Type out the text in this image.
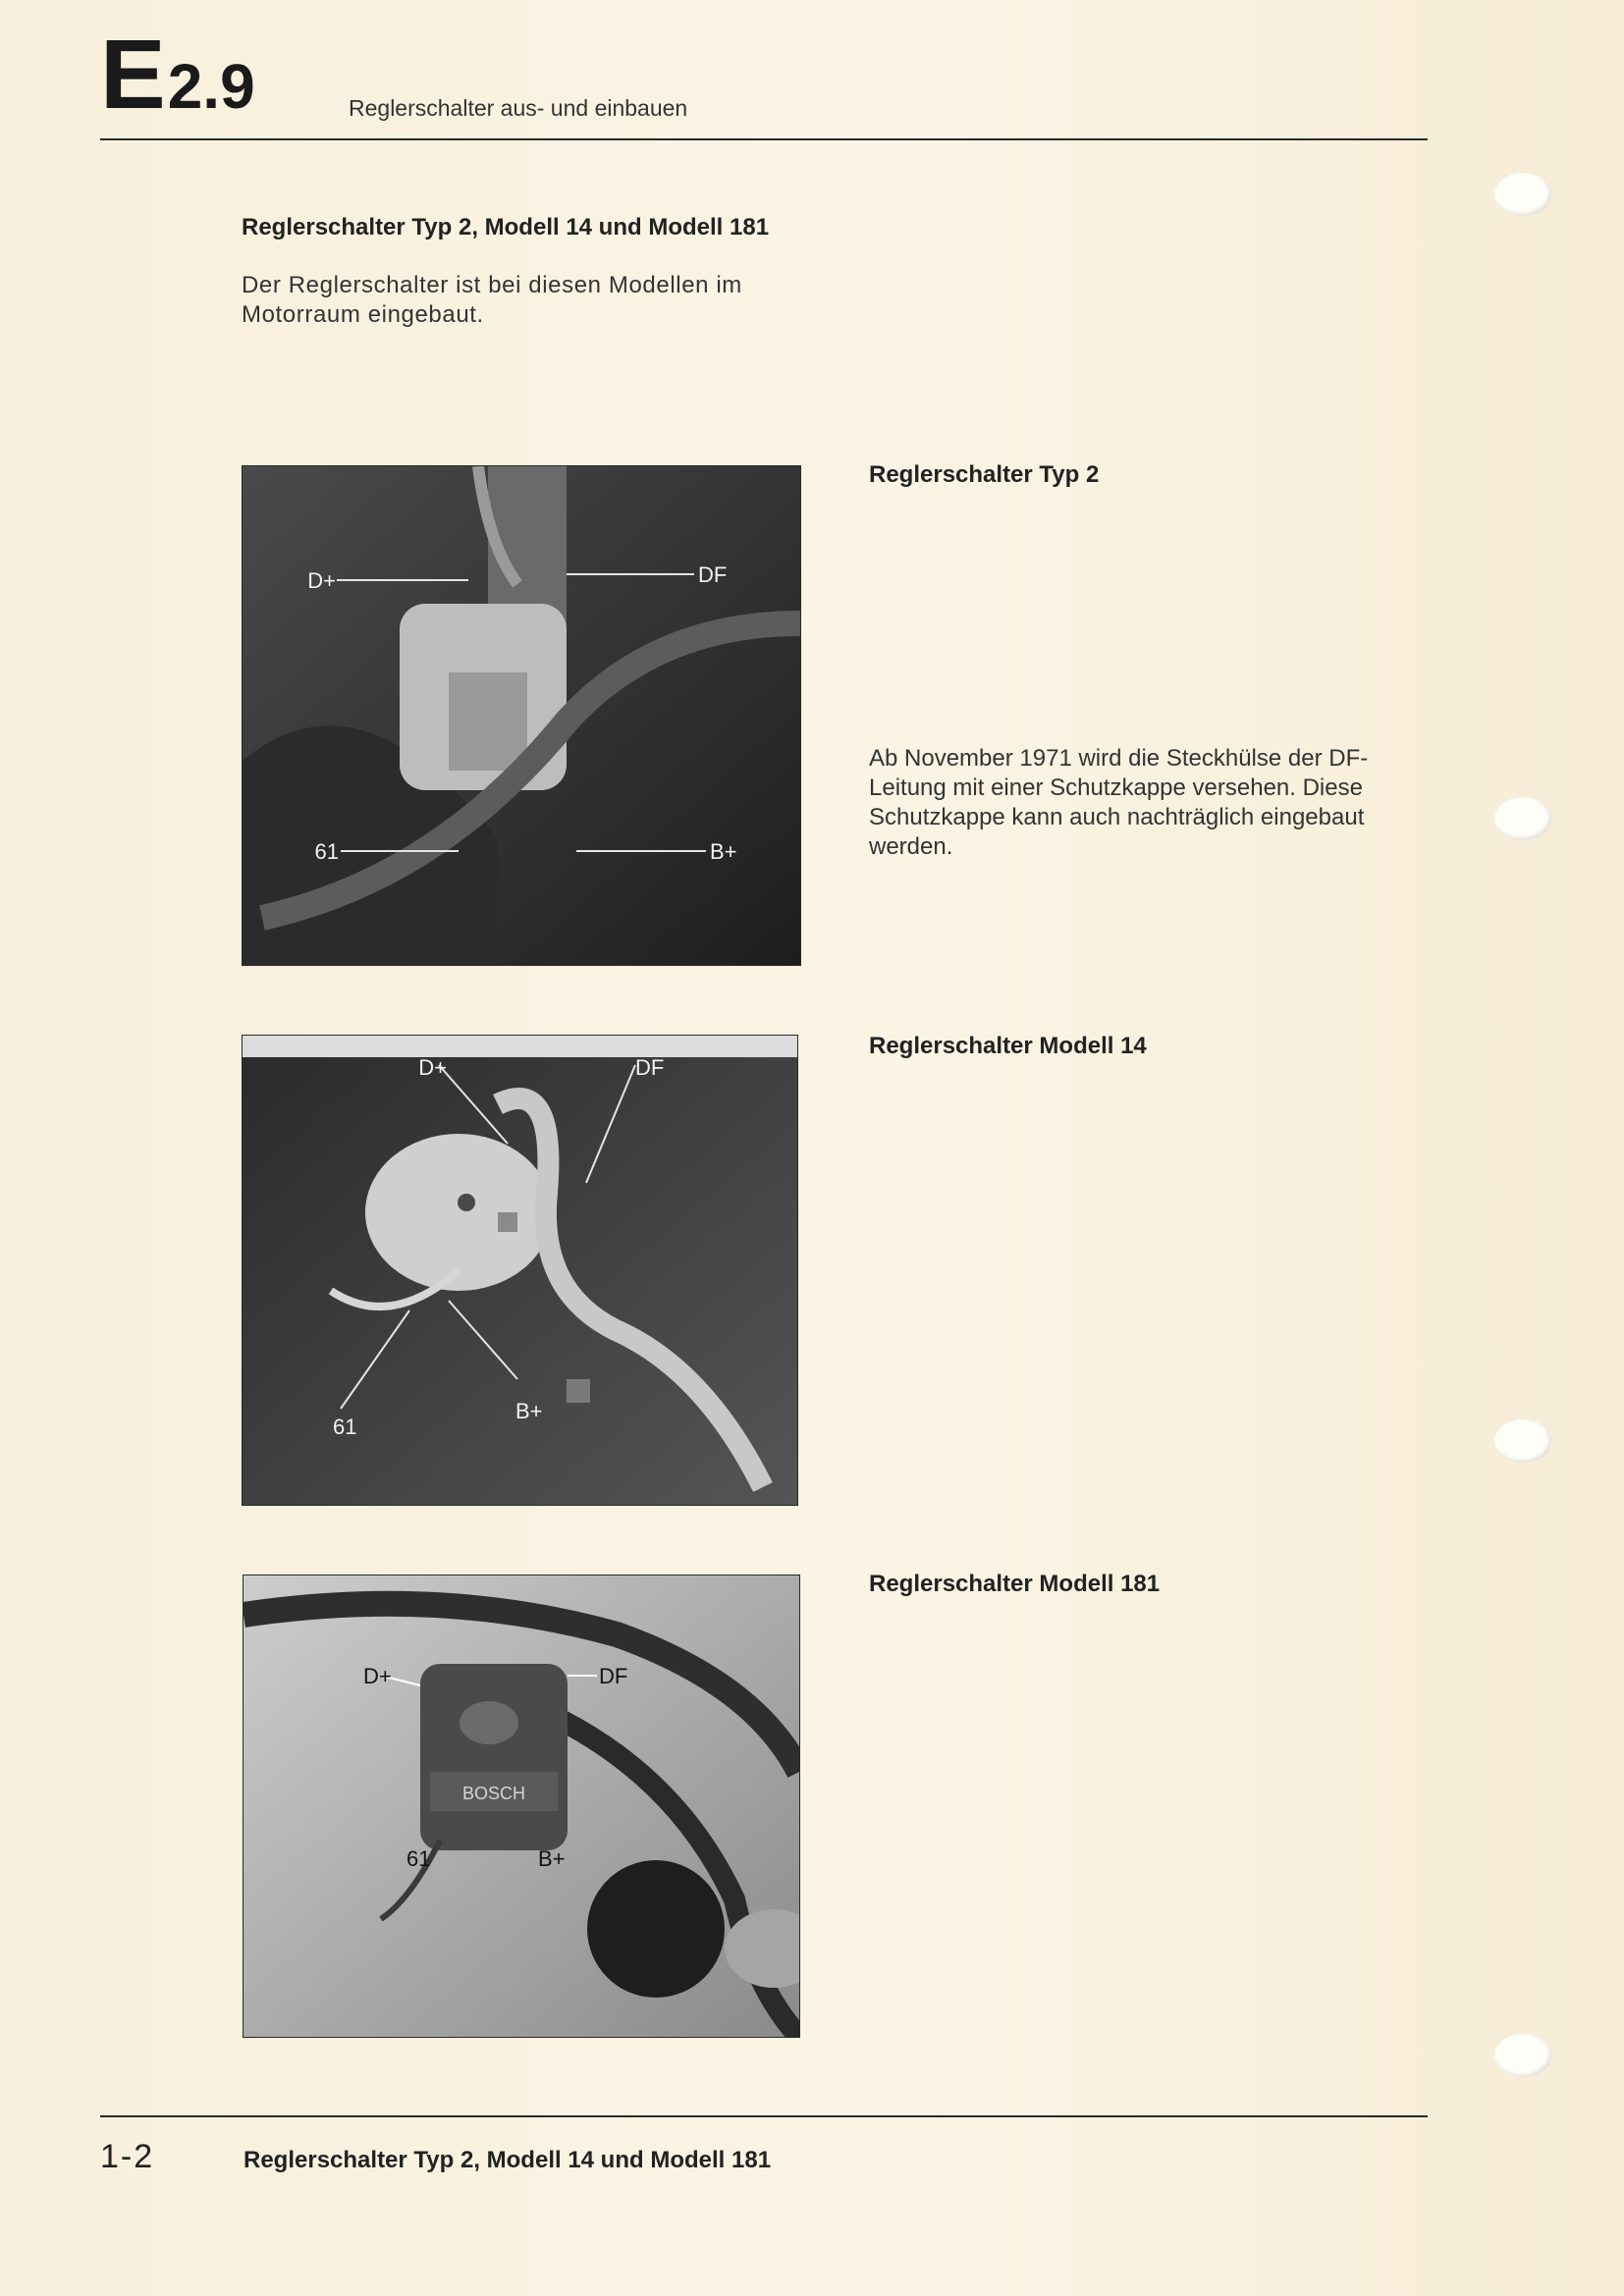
E2.9	Reglerschalter aus- und einbauen
Reglerschalter Typ 2, Modell 14 und Modell 181
Der Reglerschalter ist bei diesen Modellen im Motorraum eingebaut.
D+	DF
61	B+
Reglerschalter Typ 2
Ab November 1971 wird die Steckhülse der DF-Leitung mit einer Schutzkappe versehen. Diese Schutzkappe kann auch nachträglich eingebaut werden.
D+	DF
61
B+
Reglerschalter Modell 14
BOSCH
D+	DF
61	B+
Reglerschalter Modell 181
1-2	Reglerschalter Typ 2, Modell 14 und Modell 181
